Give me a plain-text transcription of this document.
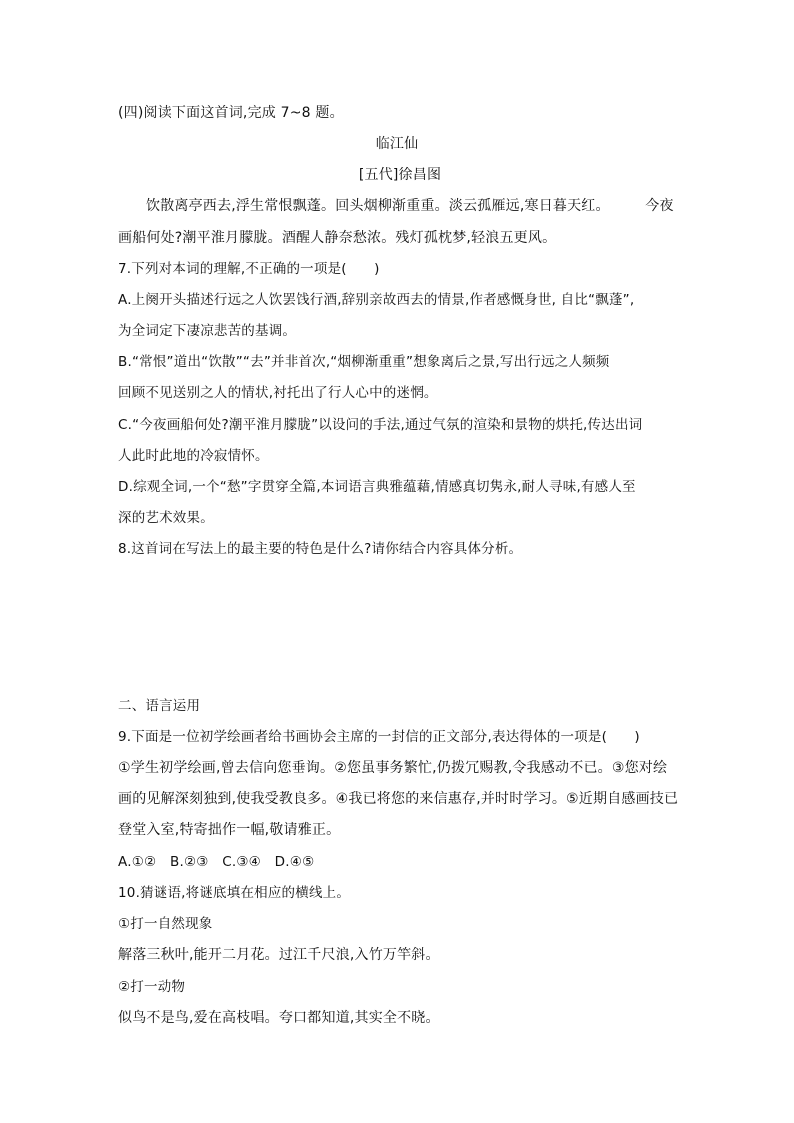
(四)阅读下面这首词,完成 7~8 题。
临江仙
[五代]徐昌图
饮散离亭西去,浮生常恨飘蓬。回头烟柳渐重重。淡云孤雁远,寒日暮天红。　　　今夜
画船何处?潮平淮月朦胧。酒醒人静奈愁浓。残灯孤枕梦,轻浪五更风。
7.下列对本词的理解,不正确的一项是(　　)
A.上阕开头描述行远之人饮罢饯行酒,辞别亲故西去的情景,作者感慨身世, 自比“飘蓬”,
为全词定下凄凉悲苦的基调。
B.“常恨”道出“饮散”“去”并非首次,“烟柳渐重重”想象离后之景,写出行远之人频频
回顾不见送别之人的情状,衬托出了行人心中的迷惘。
C.“今夜画船何处?潮平淮月朦胧”以设问的手法,通过气氛的渲染和景物的烘托,传达出词
人此时此地的冷寂情怀。
D.综观全词,一个“愁”字贯穿全篇,本词语言典雅蕴藉,情感真切隽永,耐人寻味,有感人至
深的艺术效果。
8.这首词在写法上的最主要的特色是什么?请你结合内容具体分析。
二、语言运用
9.下面是一位初学绘画者给书画协会主席的一封信的正文部分,表达得体的一项是(　　)
①学生初学绘画,曾去信向您垂询。②您虽事务繁忙,仍拨冗赐教,令我感动不已。③您对绘
画的见解深刻独到,使我受教良多。④我已将您的来信惠存,并时时学习。⑤近期自感画技已
登堂入室,特寄拙作一幅,敬请雅正。
A.①②　B.②③　C.③④　D.④⑤
10.猜谜语,将谜底填在相应的横线上。
①打一自然现象
解落三秋叶,能开二月花。过江千尺浪,入竹万竿斜。
②打一动物
似鸟不是鸟,爱在高枝唱。夸口都知道,其实全不晓。
